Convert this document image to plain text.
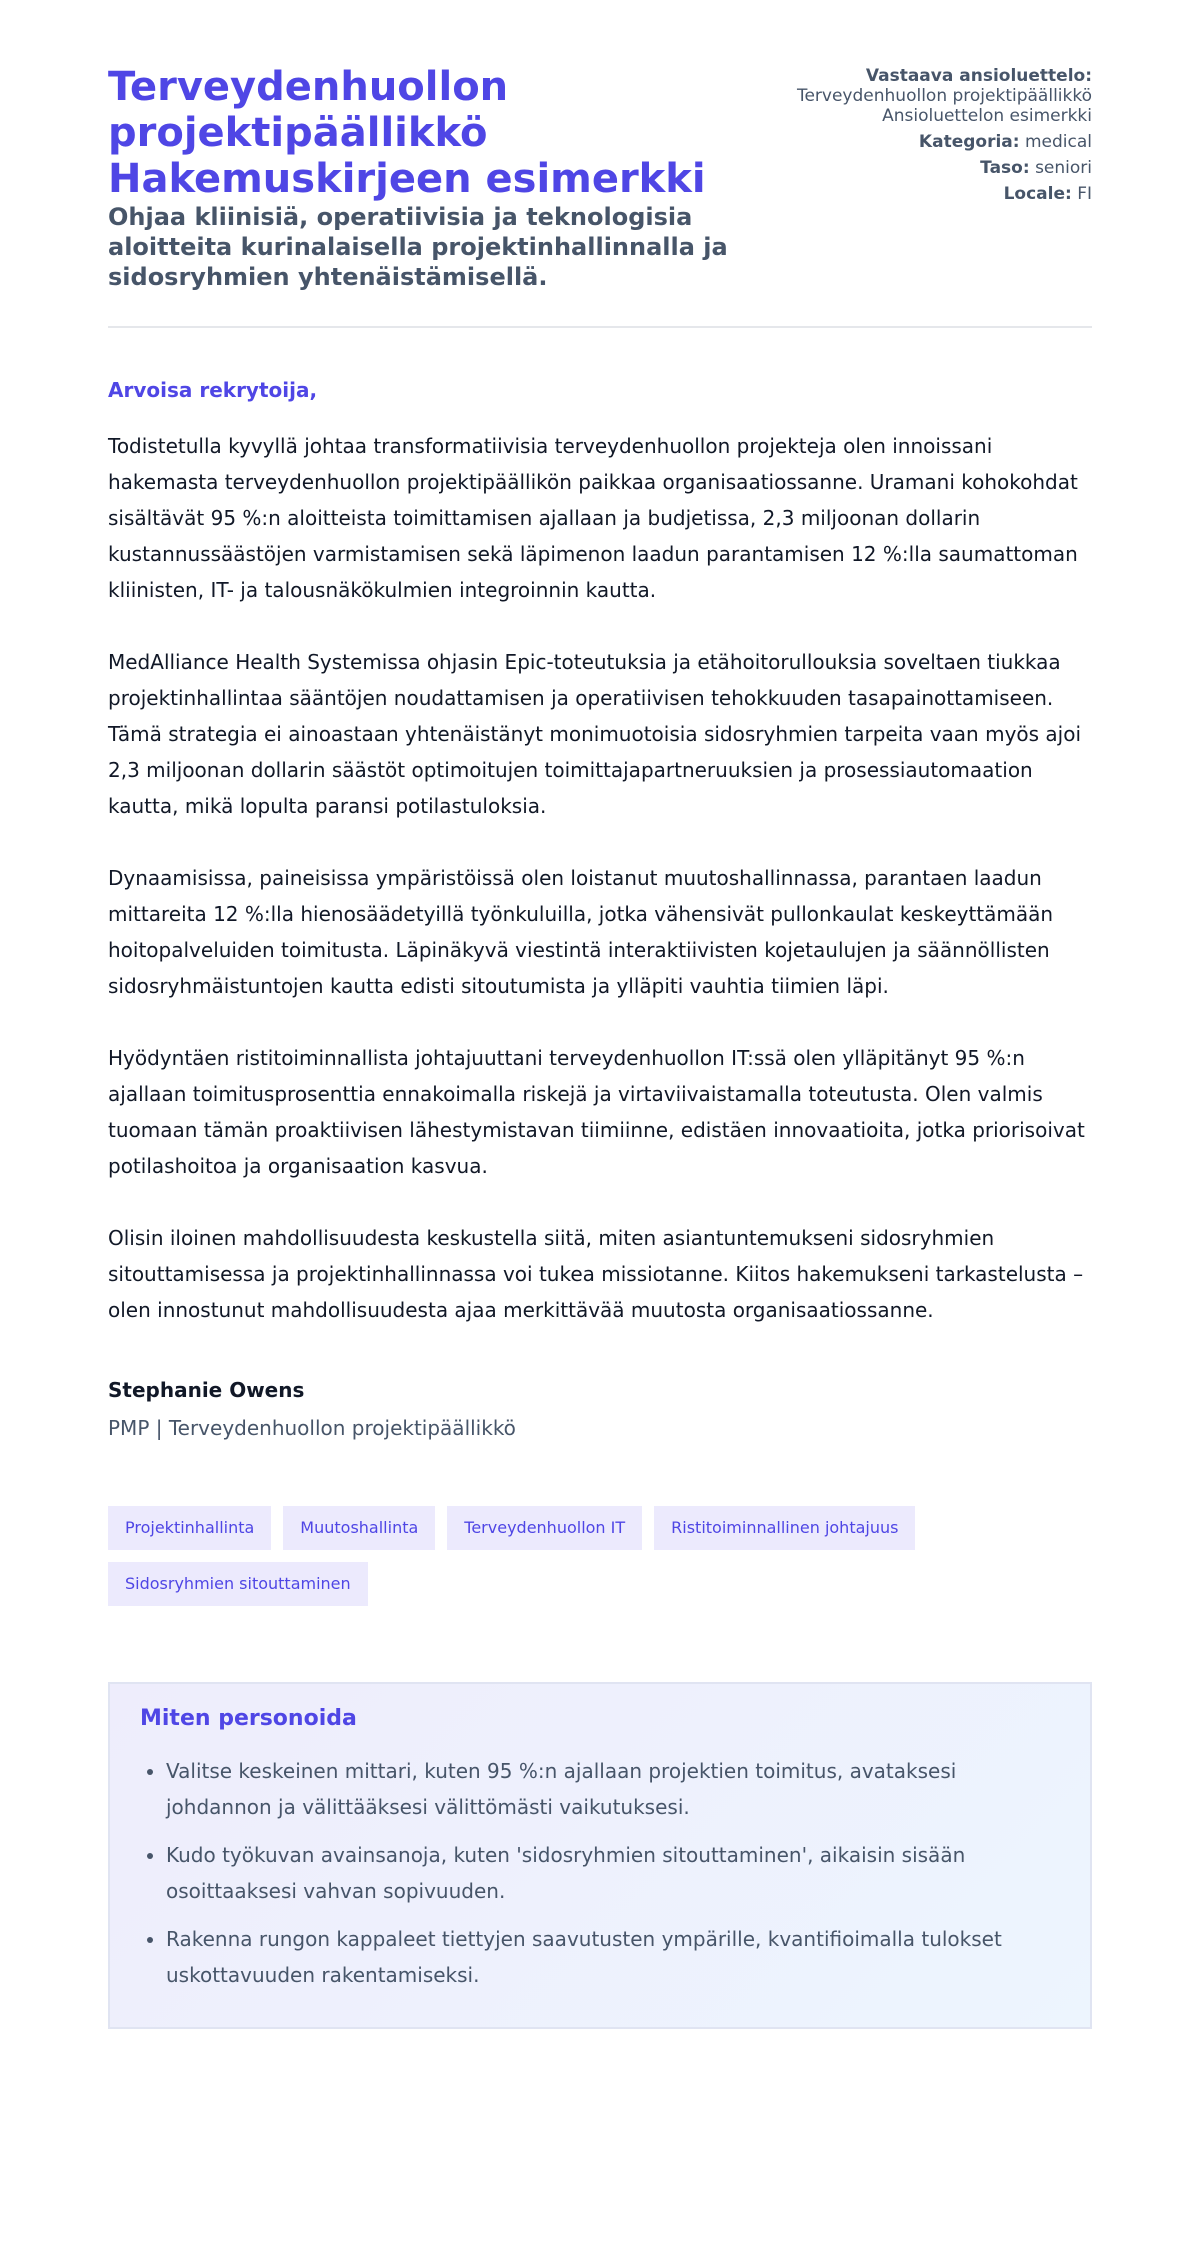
Terveydenhuollon projektipäällikkö Hakemuskirjeen esimerkki
Ohjaa kliinisiä, operatiivisia ja teknologisia aloitteita kurinalaisella projektinhallinnalla ja sidosryhmien yhtenäistämisellä.
Vastaava ansioluettelo:
Terveydenhuollon projektipäällikkö Ansioluettelon esimerkki
Kategoria: medical
Taso: seniori
Locale: FI

Arvoisa rekrytoija,

Todistetulla kyvyllä johtaa transformatiivisia terveydenhuollon projekteja olen innoissani hakemasta terveydenhuollon projektipäällikön paikkaa organisaatiossanne. Uramani kohokohdat sisältävät 95 %:n aloitteista toimittamisen ajallaan ja budjetissa, 2,3 miljoonan dollarin kustannussäästöjen varmistamisen sekä läpimenon laadun parantamisen 12 %:lla saumattoman kliinisten, IT- ja talousnäkökulmien integroinnin kautta.

MedAlliance Health Systemissa ohjasin Epic-toteutuksia ja etähoitorullouksia soveltaen tiukkaa projektinhallintaa sääntöjen noudattamisen ja operatiivisen tehokkuuden tasapainottamiseen. Tämä strategia ei ainoastaan yhtenäistänyt monimuotoisia sidosryhmien tarpeita vaan myös ajoi 2,3 miljoonan dollarin säästöt optimoitujen toimittajapartneruuksien ja prosessiautomaation kautta, mikä lopulta paransi potilastuloksia.

Dynaamisissa, paineisissa ympäristöissä olen loistanut muutoshallinnassa, parantaen laadun mittareita 12 %:lla hienosäädetyillä työnkuluilla, jotka vähensivät pullonkaulat keskeyttämään hoitopalveluiden toimitusta. Läpinäkyvä viestintä interaktiivisten kojetaulujen ja säännöllisten sidosryhmäistuntojen kautta edisti sitoutumista ja ylläpiti vauhtia tiimien läpi.

Hyödyntäen ristitoiminnallista johtajuuttani terveydenhuollon IT:ssä olen ylläpitänyt 95 %:n ajallaan toimitusprosenttia ennakoimalla riskejä ja virtaviivaistamalla toteutusta. Olen valmis tuomaan tämän proaktiivisen lähestymistavan tiimiinne, edistäen innovaatioita, jotka priorisoivat potilashoitoa ja organisaation kasvua.

Olisin iloinen mahdollisuudesta keskustella siitä, miten asiantuntemukseni sidosryhmien sitouttamisessa ja projektinhallinnassa voi tukea missiotanne. Kiitos hakemukseni tarkastelusta – olen innostunut mahdollisuudesta ajaa merkittävää muutosta organisaatiossanne.

Stephanie Owens

PMP | Terveydenhuollon projektipäällikkö

Projektinhallinta	Muutoshallinta	Terveydenhuollon IT	Ristitoiminnallinen johtajuus
Sidosryhmien sitouttaminen
Miten personoida
• Valitse keskeinen mittari, kuten 95 %:n ajallaan projektien toimitus, avataksesi johdannon ja välittääksesi välittömästi vaikutuksesi.
• Kudo työkuvan avainsanoja, kuten 'sidosryhmien sitouttaminen', aikaisin sisään osoittaaksesi vahvan sopivuuden.
• Rakenna rungon kappaleet tiettyjen saavutusten ympärille, kvantifioimalla tulokset uskottavuuden rakentamiseksi.
